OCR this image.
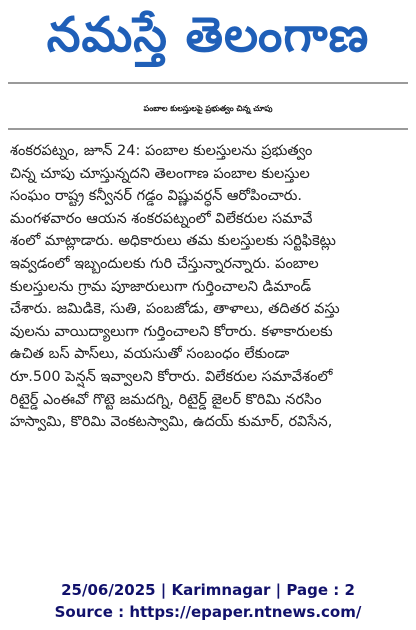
నమస్తే తెలంగాణ
పంబాల కులస్తులపై ప్రభుత్వం చిన్న చూపు
శంకరపట్నం, జూన్ 24: పంబాల కులస్తులను ప్రభుత్వం
చిన్న చూపు చూస్తున్నదని తెలంగాణ పంబాల కులస్తుల
సంఘం రాష్ట్ర కన్వీనర్ గడ్డం విష్ణువర్ధన్ ఆరోపించారు.
మంగళవారం ఆయన శంకరపట్నంలో విలేకరుల సమావే
శంలో మాట్లాడారు. అధికారులు తమ కులస్తులకు సర్టిఫికెట్లు
ఇవ్వడంలో ఇబ్బందులకు గురి చేస్తున్నారన్నారు. పంబాల
కులస్తులను గ్రామ పూజారులుగా గుర్తించాలని డిమాండ్
చేశారు. జమిడికె, సుతి, పంబజోడు, తాళాలు, తదితర వస్తు
వులను వాయిద్యాలుగా గుర్తించాలని కోరారు. కళాకారులకు
ఉచిత బస్ పాస్‌లు, వయసుతో సంబంధం లేకుండా
రూ.500 పెన్షన్ ఇవ్వాలని కోరారు. విలేకరుల సమావేశంలో
రిటైర్డ్ ఎంఈవో గొట్టె జమదగ్ని, రిటైర్డ్ జైలర్ కొరిమి నరసిం
హస్వామి, కొరిమి వెంకటస్వామి, ఉదయ్ కుమార్, రవిసేన,
25/06/2025 | Karimnagar | Page : 2
Source : https://epaper.ntnews.com/
